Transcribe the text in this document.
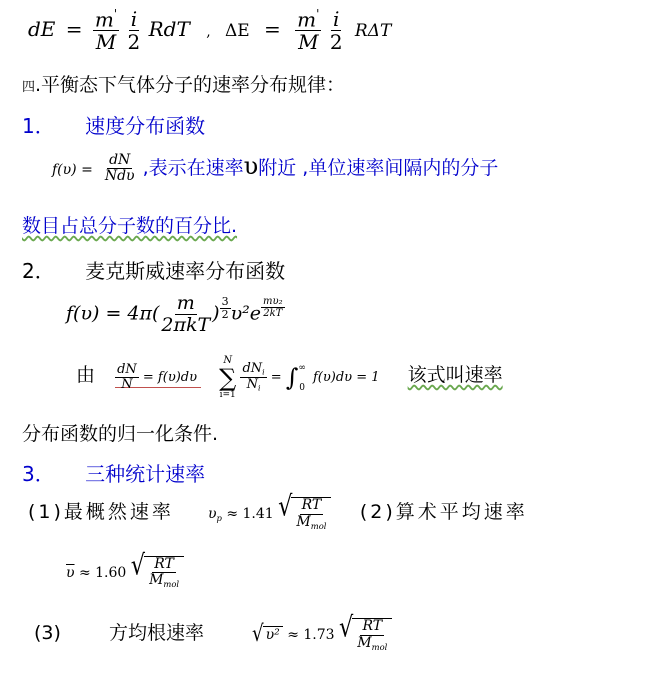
dE = $\frac{m'}{M}$
$\frac{i}{2}$ RdT , $\Delta E = \frac{m'}{M}$
$\frac{i}{2}$ RΔT
四.平衡态下气体分子的速率分布规律：
1． 速度分布函数
$f(\upsilon) = \frac{dN}{\text{Ndυ}}$ ,表示在速率υ附近 ,单位速率间隔内的分子
数目占总分子数的百分比.
2． 麦克斯威速率分布函数
$f(\upsilon) = 4\pi( \frac{m}{\text{2πkT}}$ ) $\frac{3}{2} \upsilon^2e \frac{\text{mυ₂}}{2kT}$
由 $\frac{dN}{N} = f(\upsilon)d\upsilon$
N
∑
i=1

$\frac{dN_i}{N_i}$ = ∫ ∞
0
f(υ)dυ = 1 该式叫速率
分布函数的归一化条件.
3． 三种统计速率
(1)最概然速率 $\upsilon_p \approx 1.41$ √ $\frac{RT}{M_{mol}} (2)$算术平均速率
$\overline{\upsilon} \approx 1.60$ √ $\frac{RT}{M_{mol}}$
(3)	方均根速率	√ υ² ≈ 1.73 √ $\frac{RT}{M_{mol}}$
